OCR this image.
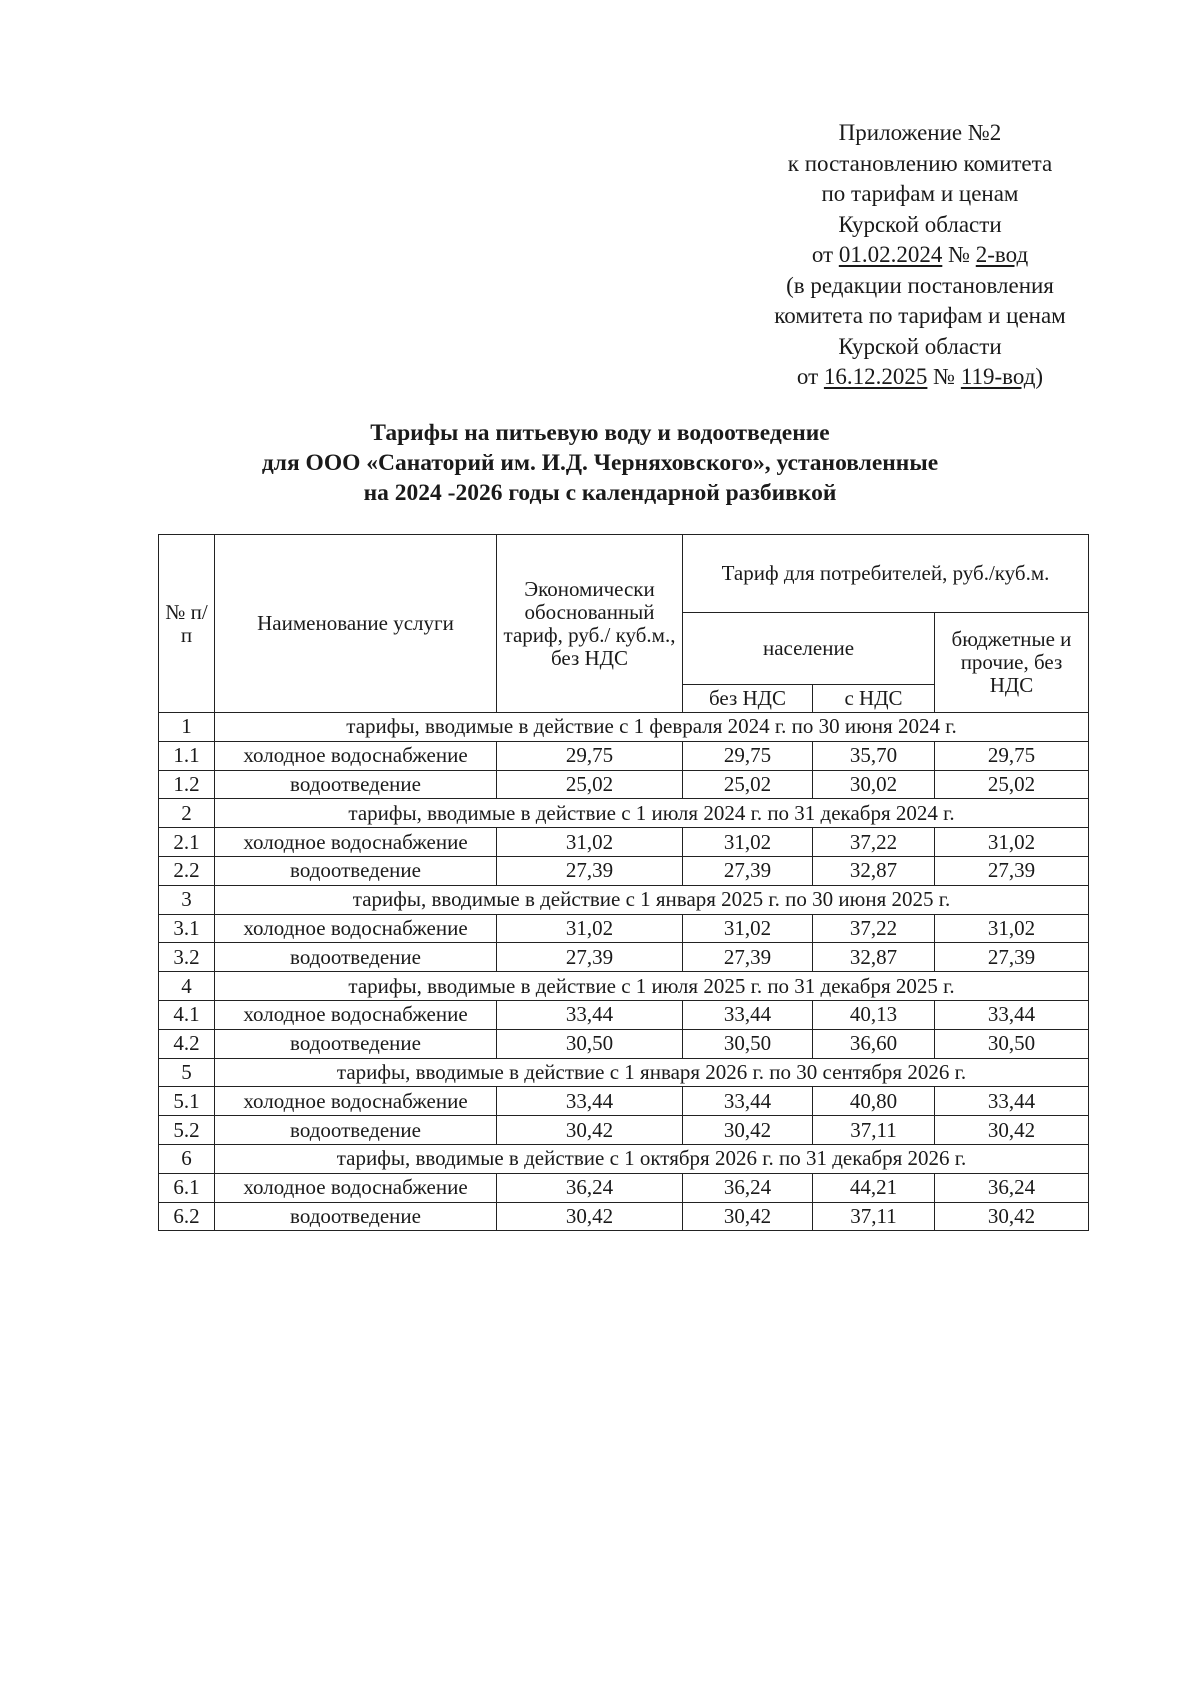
Приложение №2
к постановлению комитета
по тарифам и ценам
Курской области
от 01.02.2024 № 2-вод
(в редакции постановления
комитета по тарифам и ценам
Курской области
от 16.12.2025 № 119-вод)
Тарифы на питьевую воду и водоотведение
для ООО «Санаторий им. И.Д. Черняховского», установленные
на 2024 -2026 годы с календарной разбивкой
№ п/п	Наименование услуги	Экономически обоснованный тариф, руб./ куб.м., без НДС	Тариф для потребителей, руб./куб.м.		
			население		бюджетные и прочие, без НДС
			без НДС	с НДС	
1	тарифы, вводимые в действие с 1 февраля 2024 г. по 30 июня 2024 г.				
1.1	холодное водоснабжение	29,75	29,75	35,70	29,75
1.2	водоотведение	25,02	25,02	30,02	25,02
2	тарифы, вводимые в действие с 1 июля 2024 г. по 31 декабря 2024 г.				
2.1	холодное водоснабжение	31,02	31,02	37,22	31,02
2.2	водоотведение	27,39	27,39	32,87	27,39
3	тарифы, вводимые в действие с 1 января 2025 г. по 30 июня 2025 г.				
3.1	холодное водоснабжение	31,02	31,02	37,22	31,02
3.2	водоотведение	27,39	27,39	32,87	27,39
4	тарифы, вводимые в действие с 1 июля 2025 г. по 31 декабря 2025 г.				
4.1	холодное водоснабжение	33,44	33,44	40,13	33,44
4.2	водоотведение	30,50	30,50	36,60	30,50
5	тарифы, вводимые в действие с 1 января 2026 г. по 30 сентября 2026 г.				
5.1	холодное водоснабжение	33,44	33,44	40,80	33,44
5.2	водоотведение	30,42	30,42	37,11	30,42
6	тарифы, вводимые в действие с 1 октября 2026 г. по 31 декабря 2026 г.				
6.1	холодное водоснабжение	36,24	36,24	44,21	36,24
6.2	водоотведение	30,42	30,42	37,11	30,42
